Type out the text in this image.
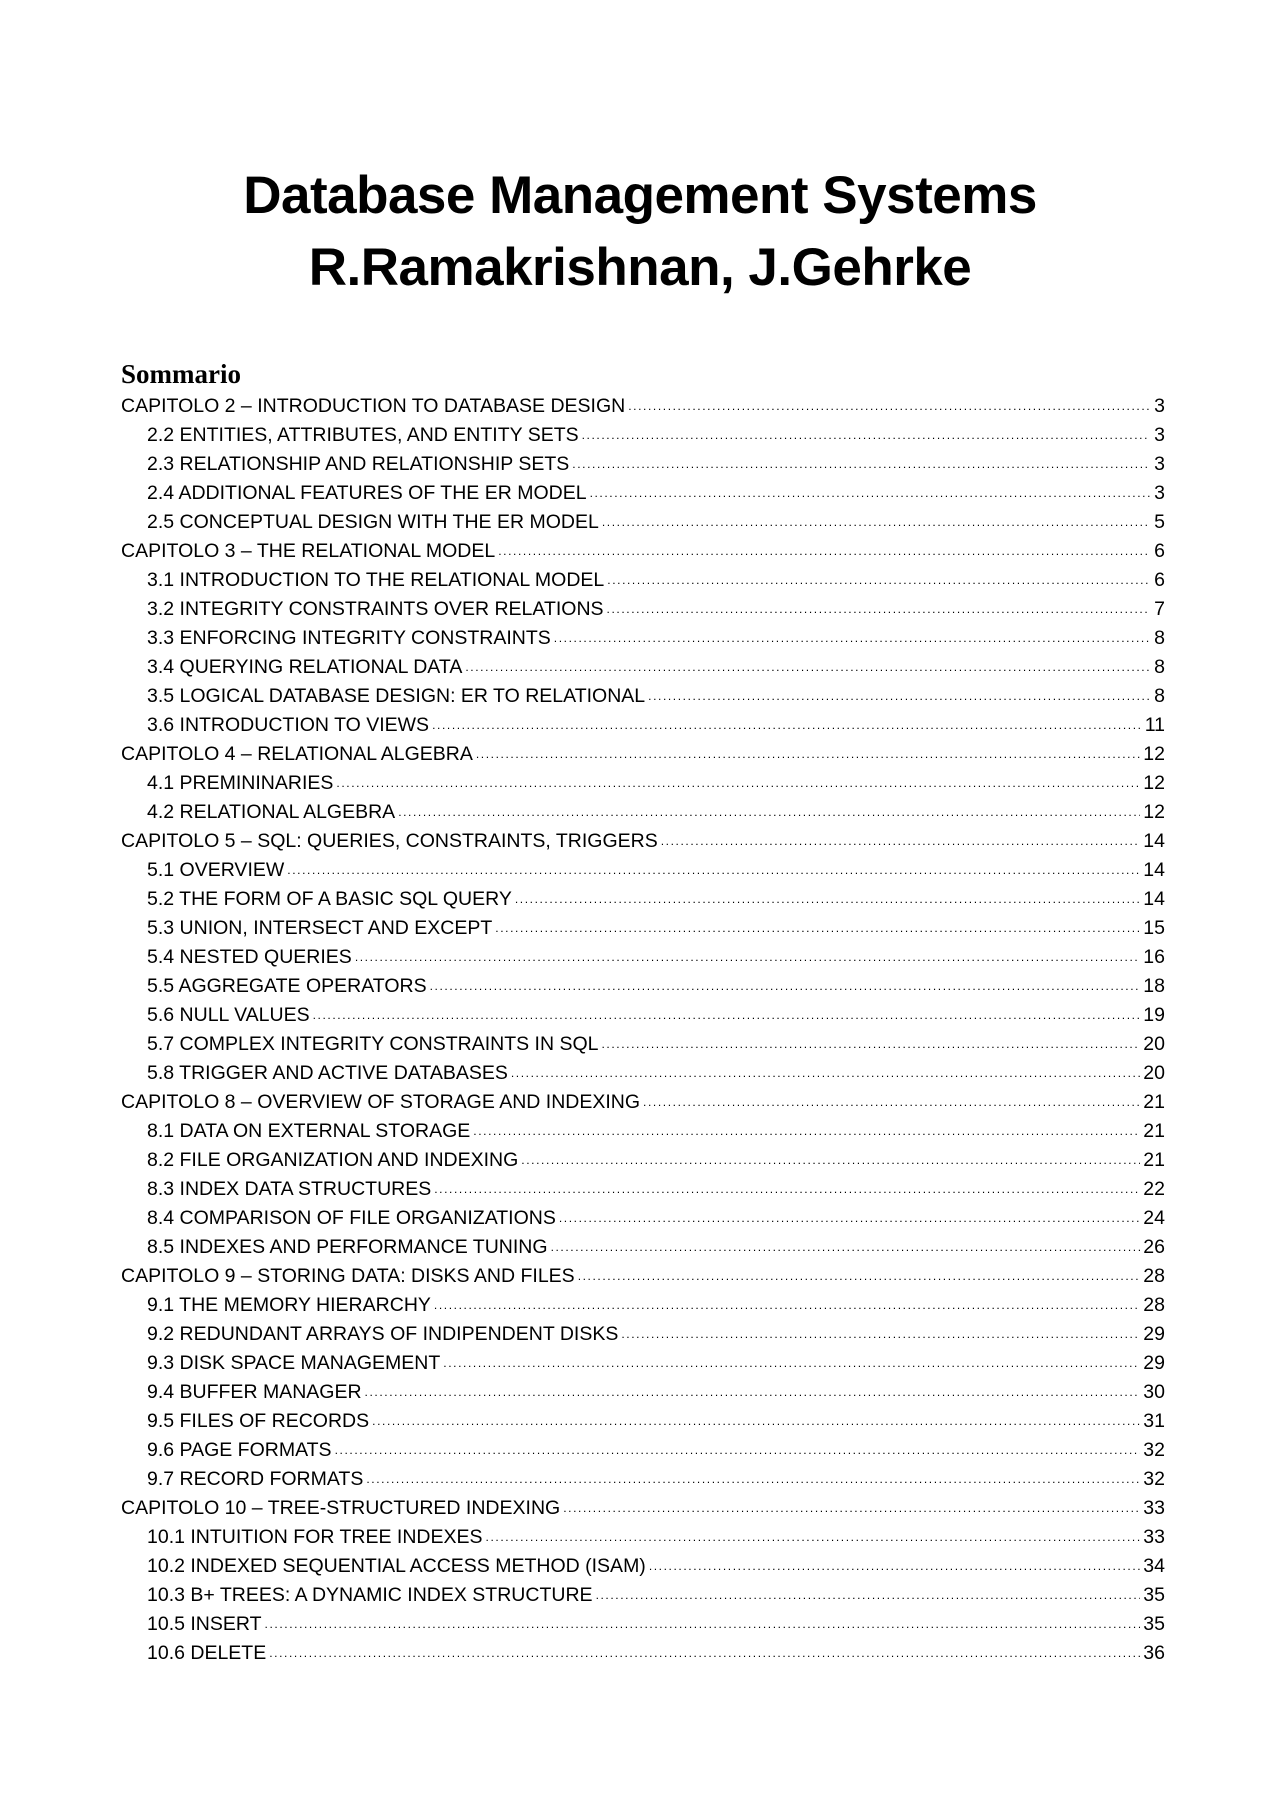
Database Management Systems

R.Ramakrishnan, J.Gehrke

Sommario

CAPITOLO 2 – INTRODUCTION TO DATABASE DESIGN .....	3
2.2 ENTITIES, ATTRIBUTES, AND ENTITY SETS .....	3
2.3 RELATIONSHIP AND RELATIONSHIP SETS .....	3
2.4 ADDITIONAL FEATURES OF THE ER MODEL .....	3
2.5 CONCEPTUAL DESIGN WITH THE ER MODEL .....	5
CAPITOLO 3 – THE RELATIONAL MODEL .....	6
3.1 INTRODUCTION TO THE RELATIONAL MODEL .....	6
3.2 INTEGRITY CONSTRAINTS OVER RELATIONS .....	7
3.3 ENFORCING INTEGRITY CONSTRAINTS .....	8
3.4 QUERYING RELATIONAL DATA .....	8
3.5 LOGICAL DATABASE DESIGN: ER TO RELATIONAL .....	8
3.6 INTRODUCTION TO VIEWS .....	11
CAPITOLO 4 – RELATIONAL ALGEBRA .....	12
4.1 PREMININARIES .....	12
4.2 RELATIONAL ALGEBRA .....	12
CAPITOLO 5 – SQL: QUERIES, CONSTRAINTS, TRIGGERS .....	14
5.1 OVERVIEW .....	14
5.2 THE FORM OF A BASIC SQL QUERY .....	14
5.3 UNION, INTERSECT AND EXCEPT .....	15
5.4 NESTED QUERIES .....	16
5.5 AGGREGATE OPERATORS .....	18
5.6 NULL VALUES .....	19
5.7 COMPLEX INTEGRITY CONSTRAINTS IN SQL .....	20
5.8 TRIGGER AND ACTIVE DATABASES .....	20
CAPITOLO 8 – OVERVIEW OF STORAGE AND INDEXING .....	21
8.1 DATA ON EXTERNAL STORAGE .....	21
8.2 FILE ORGANIZATION AND INDEXING .....	21
8.3 INDEX DATA STRUCTURES .....	22
8.4 COMPARISON OF FILE ORGANIZATIONS .....	24
8.5 INDEXES AND PERFORMANCE TUNING .....	26
CAPITOLO 9 – STORING DATA: DISKS AND FILES .....	28
9.1 THE MEMORY HIERARCHY .....	28
9.2 REDUNDANT ARRAYS OF INDIPENDENT DISKS .....	29
9.3 DISK SPACE MANAGEMENT .....	29
9.4 BUFFER MANAGER .....	30
9.5 FILES OF RECORDS .....	31
9.6 PAGE FORMATS .....	32
9.7 RECORD FORMATS .....	32
CAPITOLO 10 – TREE-STRUCTURED INDEXING .....	33
10.1 INTUITION FOR TREE INDEXES .....	33
10.2 INDEXED SEQUENTIAL ACCESS METHOD (ISAM) .....	34
10.3 B+ TREES: A DYNAMIC INDEX STRUCTURE .....	35
10.5 INSERT .....	35
10.6 DELETE .....	36
